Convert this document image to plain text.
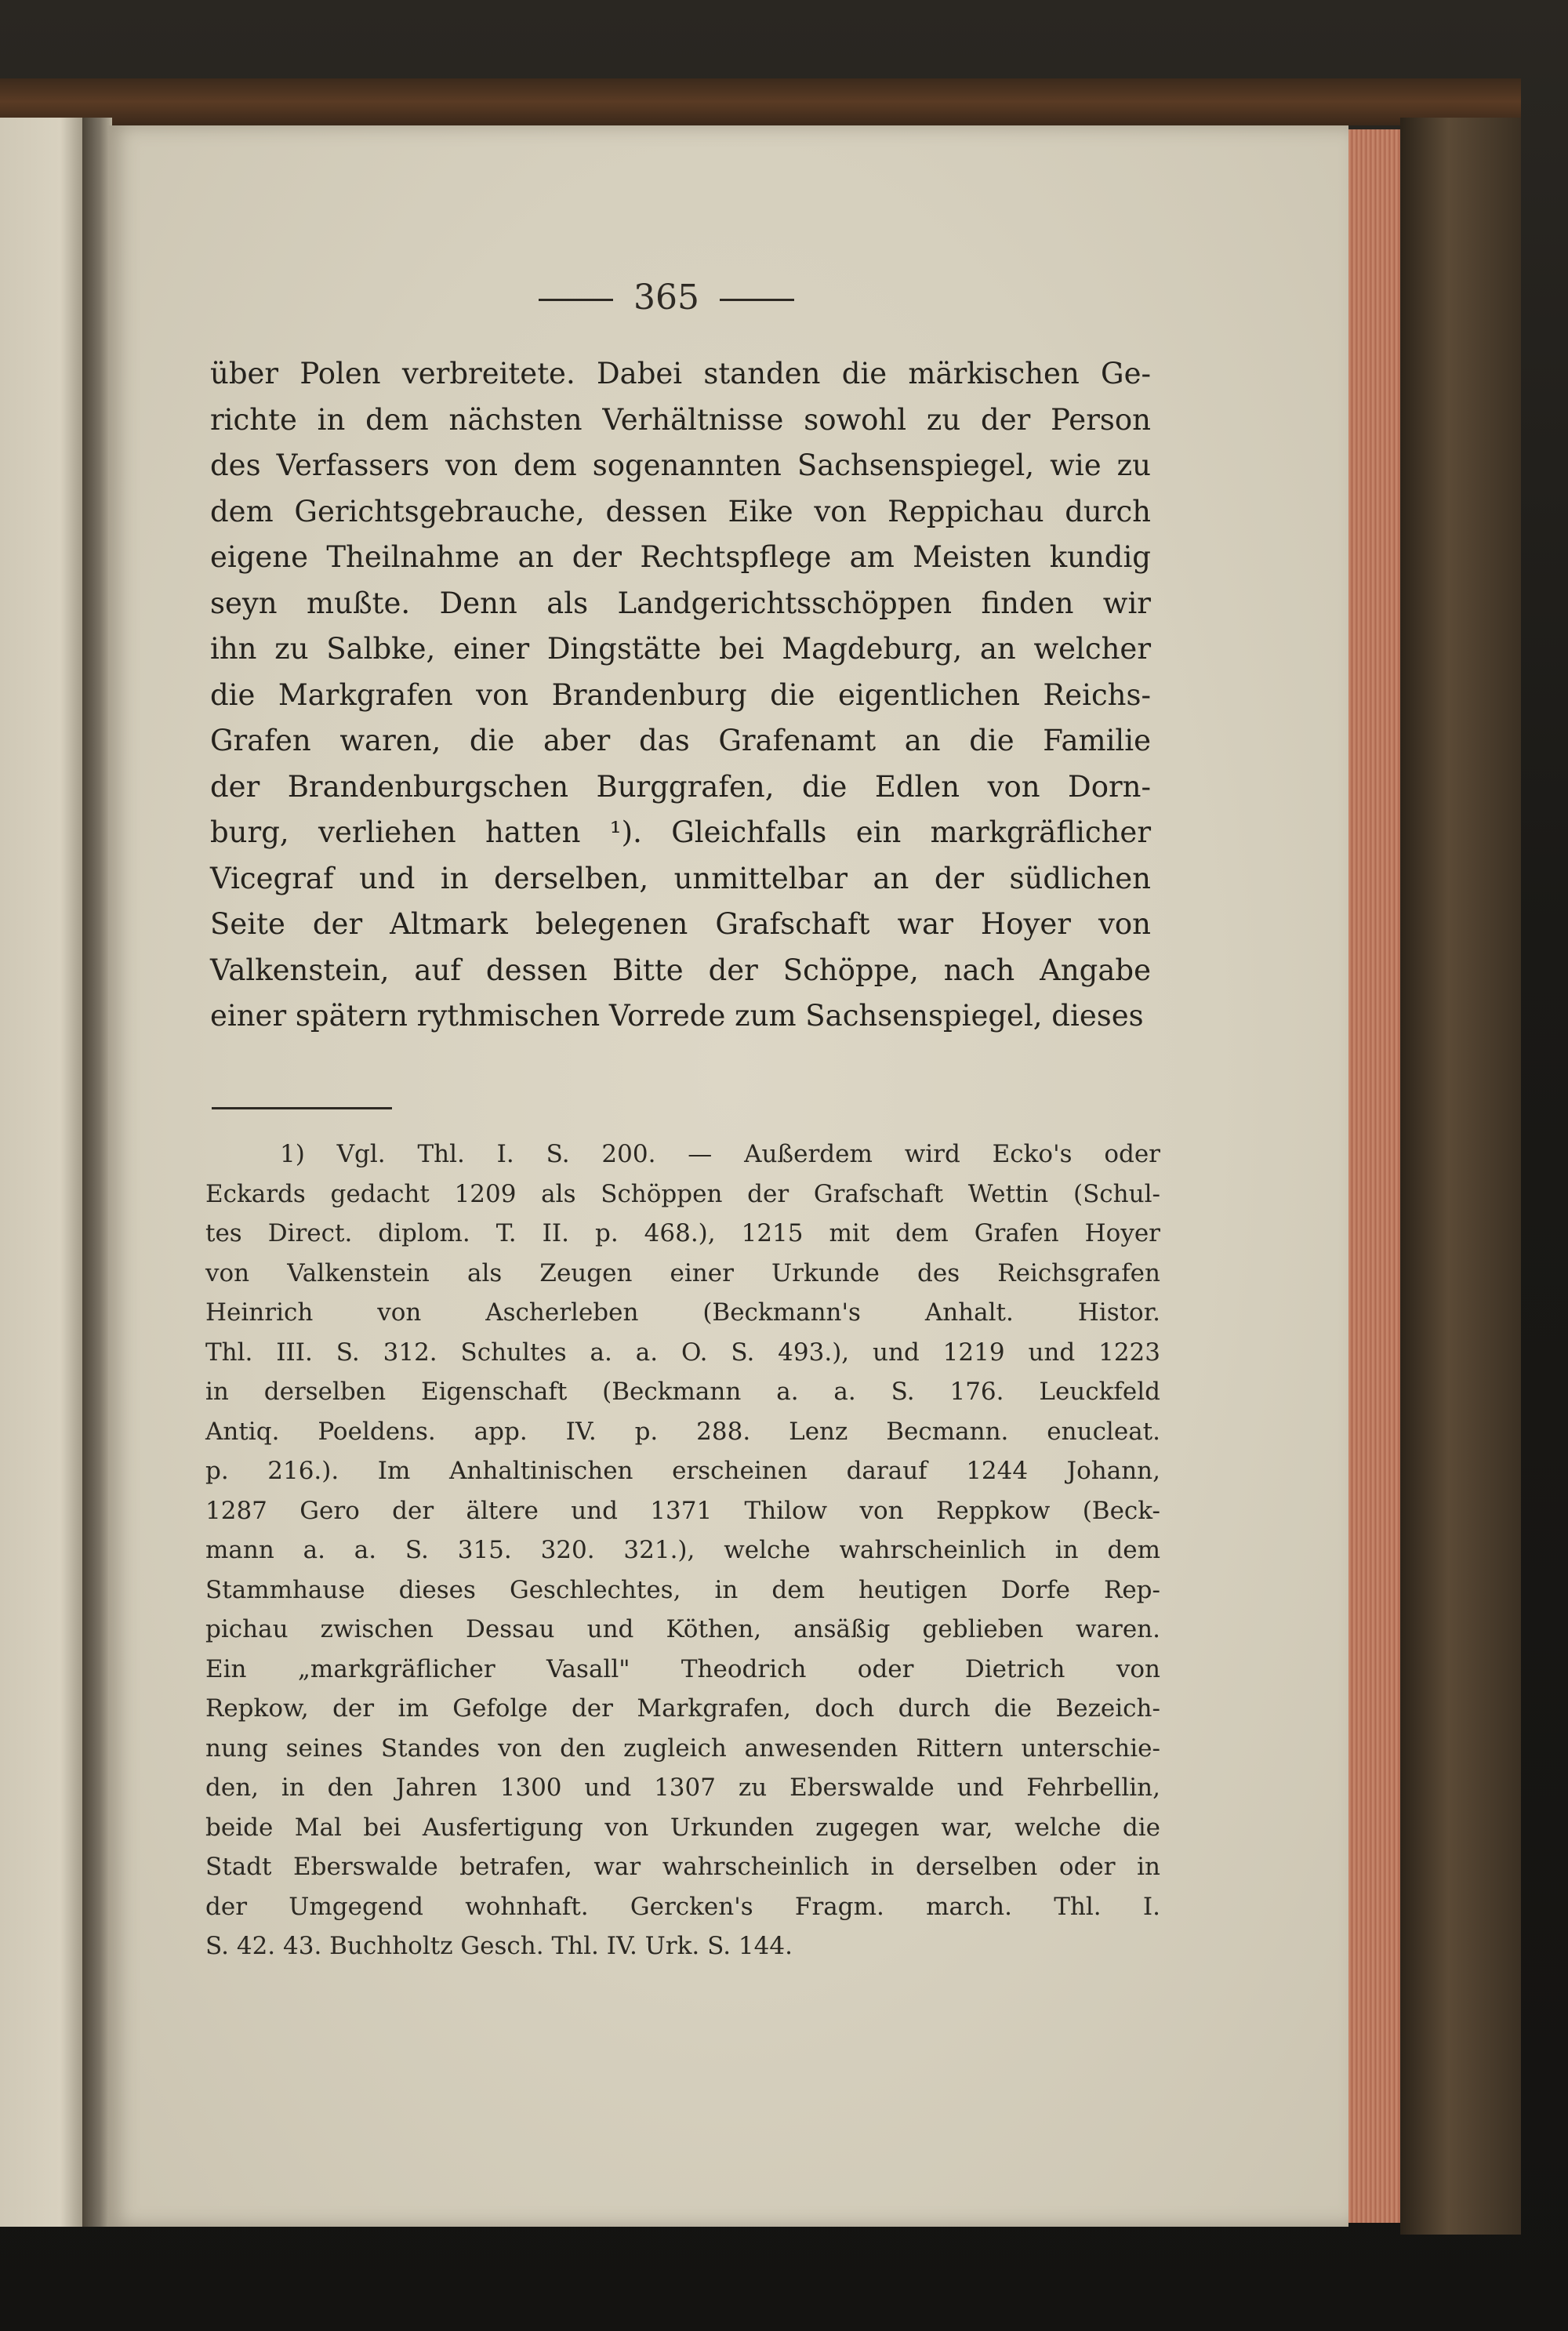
365

über Polen verbreitete. Dabei standen die märkischen Ge-
richte in dem nächsten Verhältnisse sowohl zu der Person
des Verfassers von dem sogenannten Sachsenspiegel, wie zu
dem Gerichtsgebrauche, dessen Eike von Reppichau durch
eigene Theilnahme an der Rechtspflege am Meisten kundig
seyn mußte. Denn als Landgerichtsschöppen finden wir
ihn zu Salbke, einer Dingstätte bei Magdeburg, an welcher
die Markgrafen von Brandenburg die eigentlichen Reichs-
Grafen waren, die aber das Grafenamt an die Familie
der Brandenburgschen Burggrafen, die Edlen von Dorn-
burg, verliehen hatten ¹). Gleichfalls ein markgräflicher
Vicegraf und in derselben, unmittelbar an der südlichen
Seite der Altmark belegenen Grafschaft war Hoyer von
Valkenstein, auf dessen Bitte der Schöppe, nach Angabe
einer spätern rythmischen Vorrede zum Sachsenspiegel, dieses

1) Vgl. Thl. I. S. 200. — Außerdem wird Ecko's oder
Eckards gedacht 1209 als Schöppen der Grafschaft Wettin (Schul-
tes Direct. diplom. T. II. p. 468.), 1215 mit dem Grafen Hoyer
von Valkenstein als Zeugen einer Urkunde des Reichsgrafen
Heinrich von Ascherleben (Beckmann's Anhalt. Histor.
Thl. III. S. 312. Schultes a. a. O. S. 493.), und 1219 und 1223
in derselben Eigenschaft (Beckmann a. a. S. 176. Leuckfeld
Antiq. Poeldens. app. IV. p. 288. Lenz Becmann. enucleat.
p. 216.). Im Anhaltinischen erscheinen darauf 1244 Johann,
1287 Gero der ältere und 1371 Thilow von Reppkow (Beck-
mann a. a. S. 315. 320. 321.), welche wahrscheinlich in dem
Stammhause dieses Geschlechtes, in dem heutigen Dorfe Rep-
pichau zwischen Dessau und Köthen, ansäßig geblieben waren.
Ein „markgräflicher Vasall" Theodrich oder Dietrich von
Repkow, der im Gefolge der Markgrafen, doch durch die Bezeich-
nung seines Standes von den zugleich anwesenden Rittern unterschie-
den, in den Jahren 1300 und 1307 zu Eberswalde und Fehrbellin,
beide Mal bei Ausfertigung von Urkunden zugegen war, welche die
Stadt Eberswalde betrafen, war wahrscheinlich in derselben oder in
der Umgegend wohnhaft. Gercken's Fragm. march. Thl. I.
S. 42. 43. Buchholtz Gesch. Thl. IV. Urk. S. 144.
